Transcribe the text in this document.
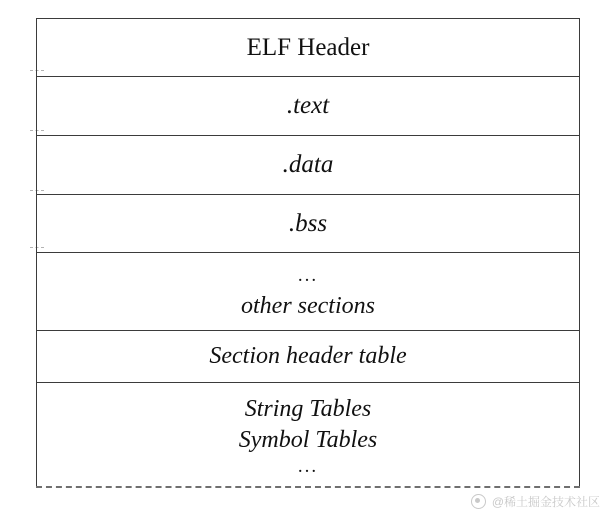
ELF Header
.text
.data
.bss
...
other sections
Section header table
String Tables
Symbol Tables
...
@稀土掘金技术社区
